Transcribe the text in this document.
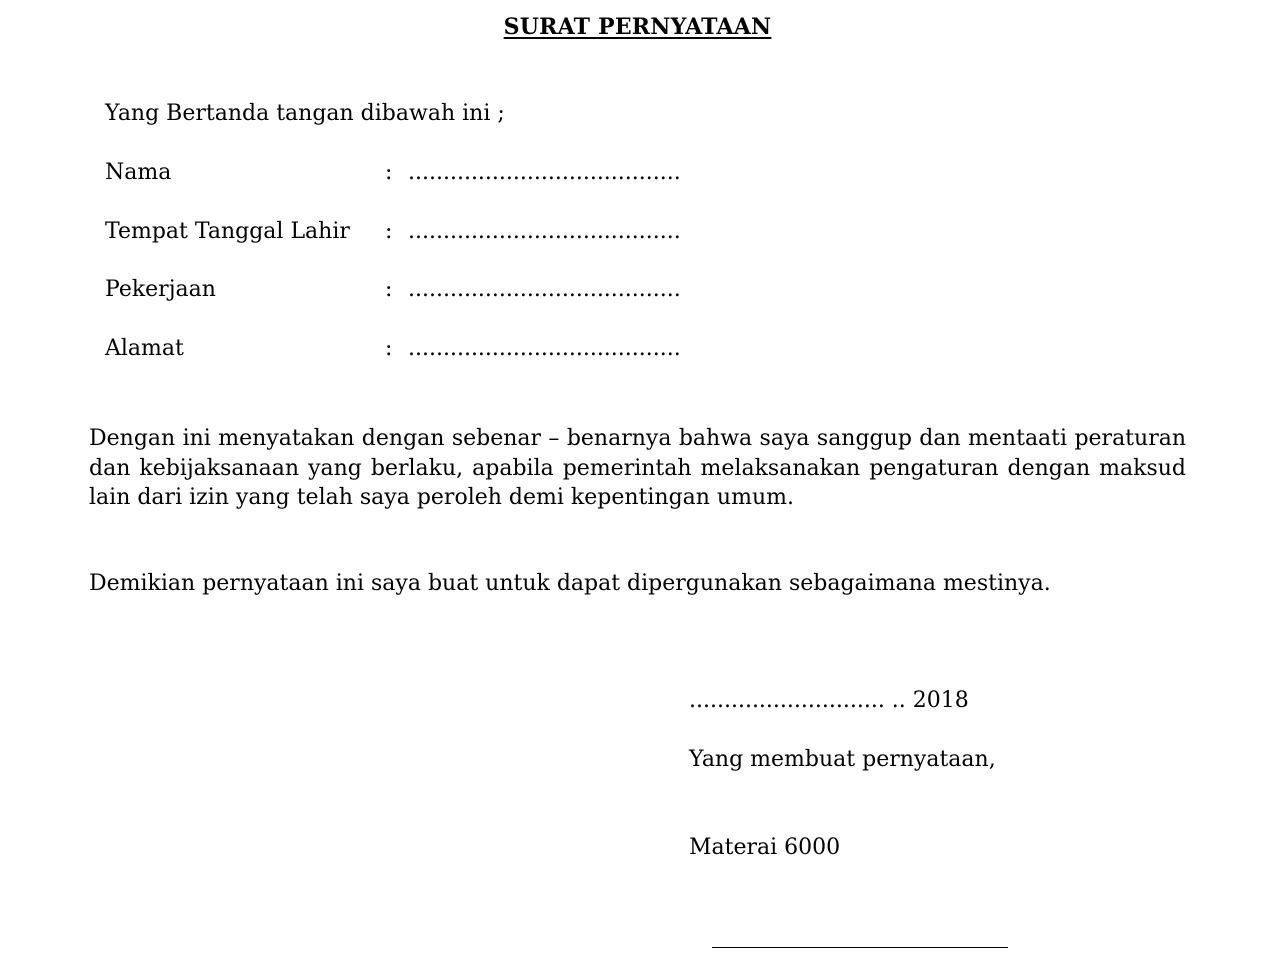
SURAT PERNYATAAN
Yang Bertanda tangan dibawah ini ;
Nama	: .......................................
Tempat Tanggal Lahir : .......................................
Pekerjaan	: .......................................
Alamat	: .......................................
Dengan ini menyatakan dengan sebenar – benarnya bahwa saya sanggup dan mentaati peraturan dan kebijaksanaan yang berlaku, apabila pemerintah melaksanakan pengaturan dengan maksud lain dari izin yang telah saya peroleh demi kepentingan umum.
Demikian pernyataan ini saya buat untuk dapat dipergunakan sebagaimana mestinya.
............................ .. 2018
Yang membuat pernyataan,
Materai 6000
